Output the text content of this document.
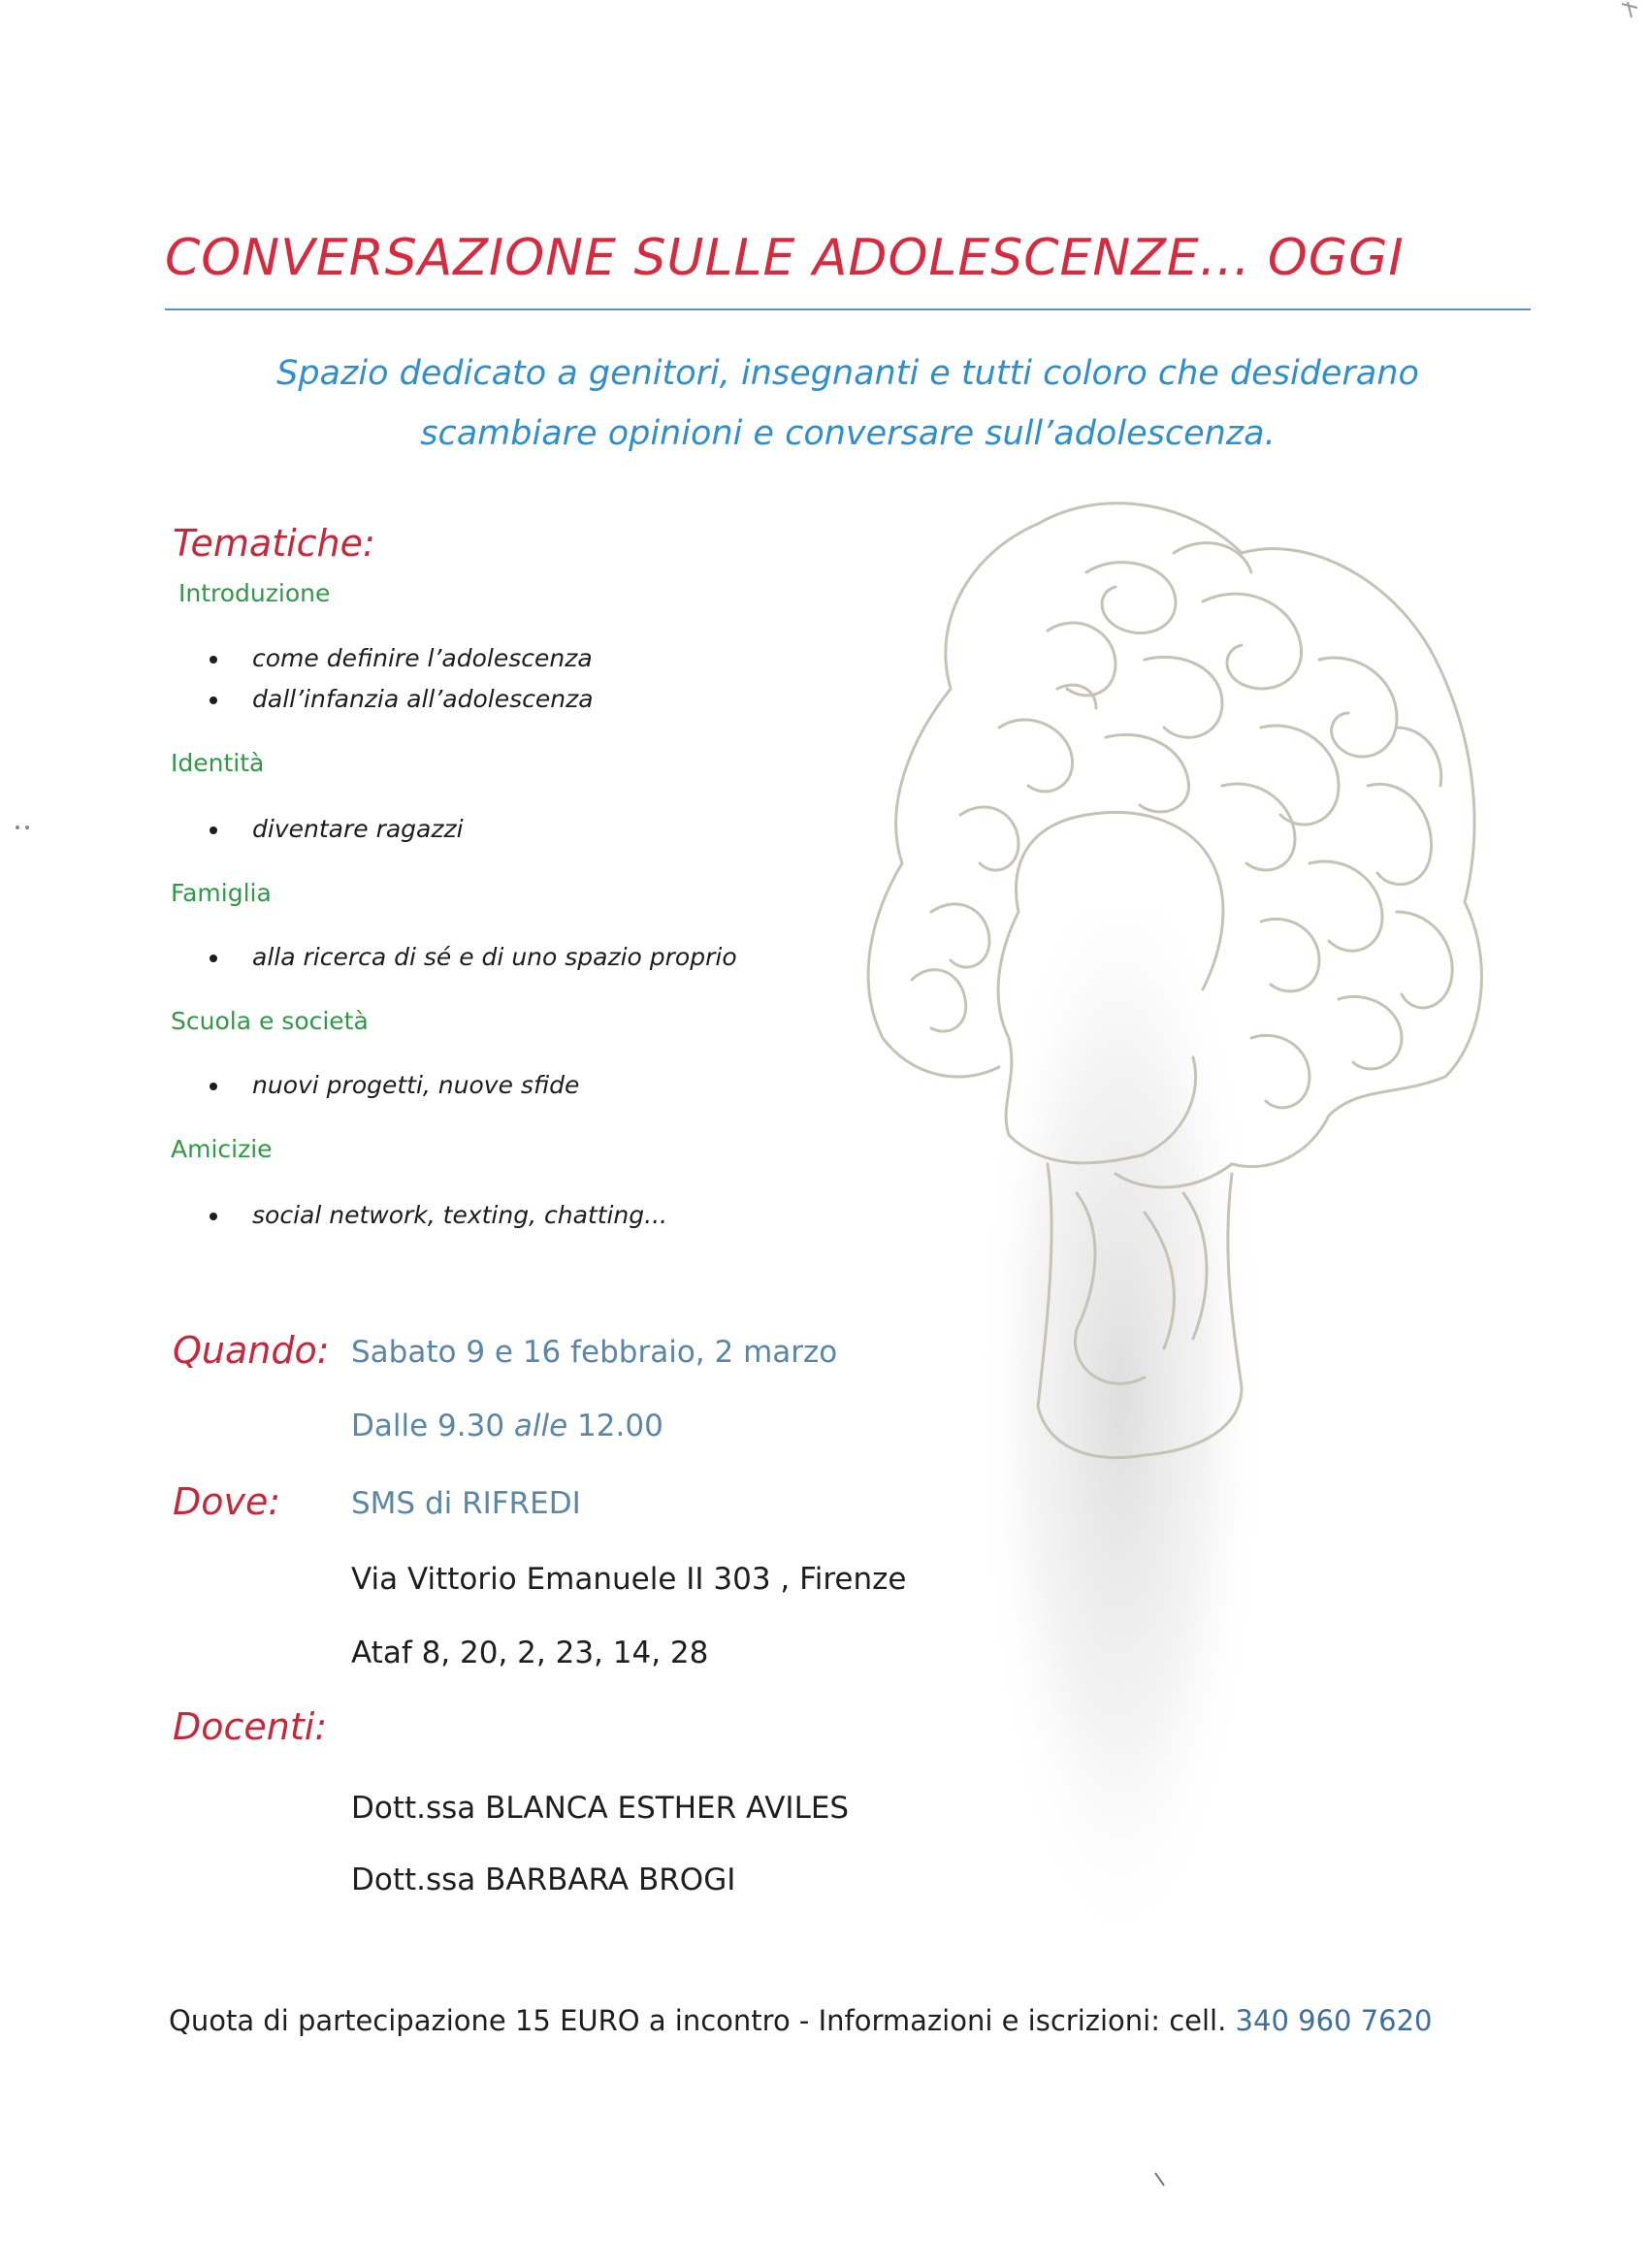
CONVERSAZIONE SULLE ADOLESCENZE... OGGI
Spazio dedicato a genitori, insegnanti e tutti coloro che desiderano
scambiare opinioni e conversare sull’adolescenza.
Tematiche:
Introduzione
come definire l’adolescenza
dall’infanzia all’adolescenza
Identità
diventare ragazzi
Famiglia
alla ricerca di sé e di uno spazio proprio
Scuola e società
nuovi progetti, nuove sfide
Amicizie
social network, texting, chatting...
Quando: Sabato 9 e 16 febbraio, 2 marzo
Dalle 9.30 alle 12.00
Dove: SMS di RIFREDI
Via Vittorio Emanuele II 303 , Firenze
Ataf 8, 20, 2, 23, 14, 28
Docenti:
Dott.ssa BLANCA ESTHER AVILES
Dott.ssa BARBARA BROGI
Quota di partecipazione 15 EURO a incontro - Informazioni e iscrizioni: cell. 340 960 7620
